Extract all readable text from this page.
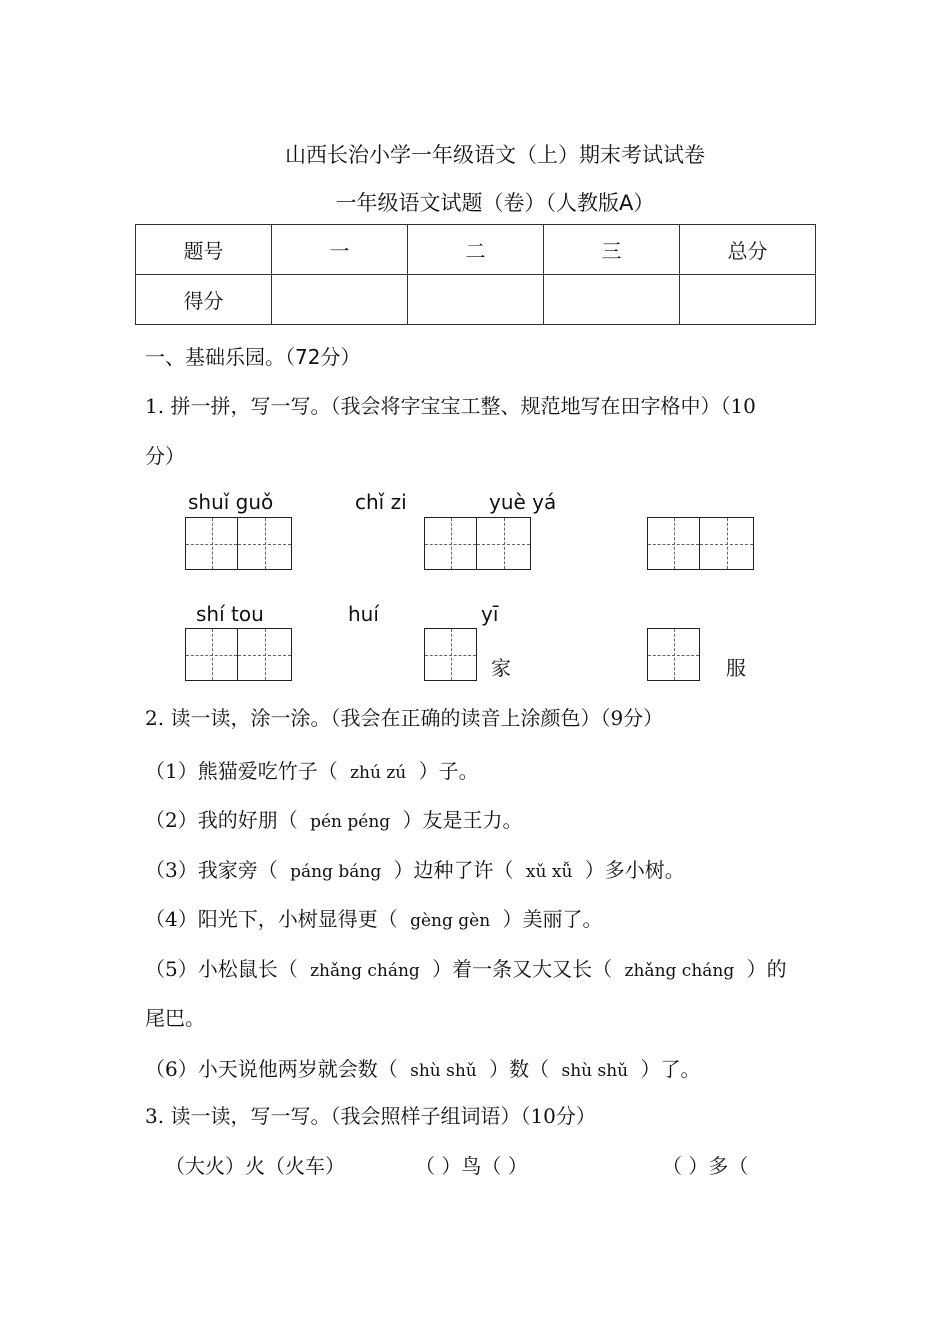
山西长治小学一年级语文（上）期末考试试卷
一年级语文试题（卷）（人教版A）
题号	一	二	三	总分
得分				
一、基础乐园。（72分）
1. 拼一拼，写一写。（我会将字宝宝工整、规范地写在田字格中）（10
分）
shuǐ guǒ	chǐ zi	yuè yá
shí tou	huí	yī
家	服
2. 读一读，涂一涂。（我会在正确的读音上涂颜色）（9分）
（1）熊猫爱吃竹子（ zhú zú ）子。
（2）我的好朋（ pén péng ）友是王力。
（3）我家旁（ páng báng ）边种了许（ xǔ xǚ ）多小树。
（4）阳光下，小树显得更（ gèng gèn ）美丽了。
（5）小松鼠长（ zhǎng cháng ）着一条又大又长（ zhǎng cháng ）的
尾巴。
（6）小天说他两岁就会数（ shù shǔ ）数（ shù shǔ ）了。
3. 读一读，写一写。（我会照样子组词语）（10分）
（大火）火（火车）	（ ）鸟（ ）	（ ）多（
